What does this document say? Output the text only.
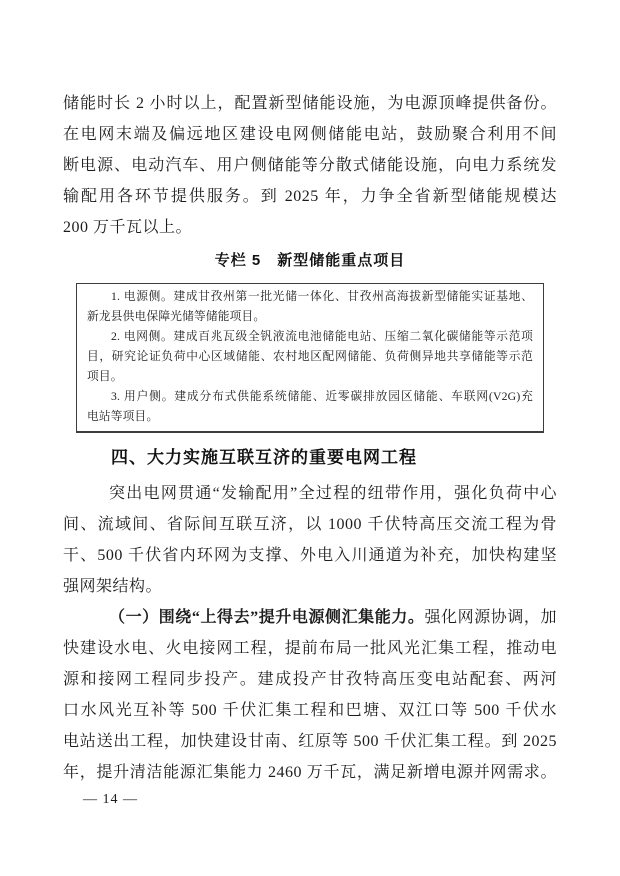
储能时长 2 小时以上，配置新型储能设施，为电源顶峰提供备份。
在电网末端及偏远地区建设电网侧储能电站，鼓励聚合利用不间
断电源、电动汽车、用户侧储能等分散式储能设施，向电力系统发
输配用各环节提供服务。到 2025 年，力争全省新型储能规模达
200 万千瓦以上。
专栏 5　新型储能重点项目
1. 电源侧。建成甘孜州第一批光储一体化、甘孜州高海拔新型储能实证基地、
新龙县供电保障光储等储能项目。
2. 电网侧。建成百兆瓦级全钒液流电池储能电站、压缩二氧化碳储能等示范项
目，研究论证负荷中心区域储能、农村地区配网储能、负荷侧异地共享储能等示范
项目。
3. 用户侧。建成分布式供能系统储能、近零碳排放园区储能、车联网(V2G)充
电站等项目。
四、大力实施互联互济的重要电网工程
突出电网贯通“发输配用”全过程的纽带作用，强化负荷中心
间、流域间、省际间互联互济，以 1000 千伏特高压交流工程为骨
干、500 千伏省内环网为支撑、外电入川通道为补充，加快构建坚
强网架结构。
（一）围绕“上得去”提升电源侧汇集能力。强化网源协调，加
快建设水电、火电接网工程，提前布局一批风光汇集工程，推动电
源和接网工程同步投产。建成投产甘孜特高压变电站配套、两河
口水风光互补等 500 千伏汇集工程和巴塘、双江口等 500 千伏水
电站送出工程，加快建设甘南、红原等 500 千伏汇集工程。到 2025
年，提升清洁能源汇集能力 2460 万千瓦，满足新增电源并网需求。
— 14 —
